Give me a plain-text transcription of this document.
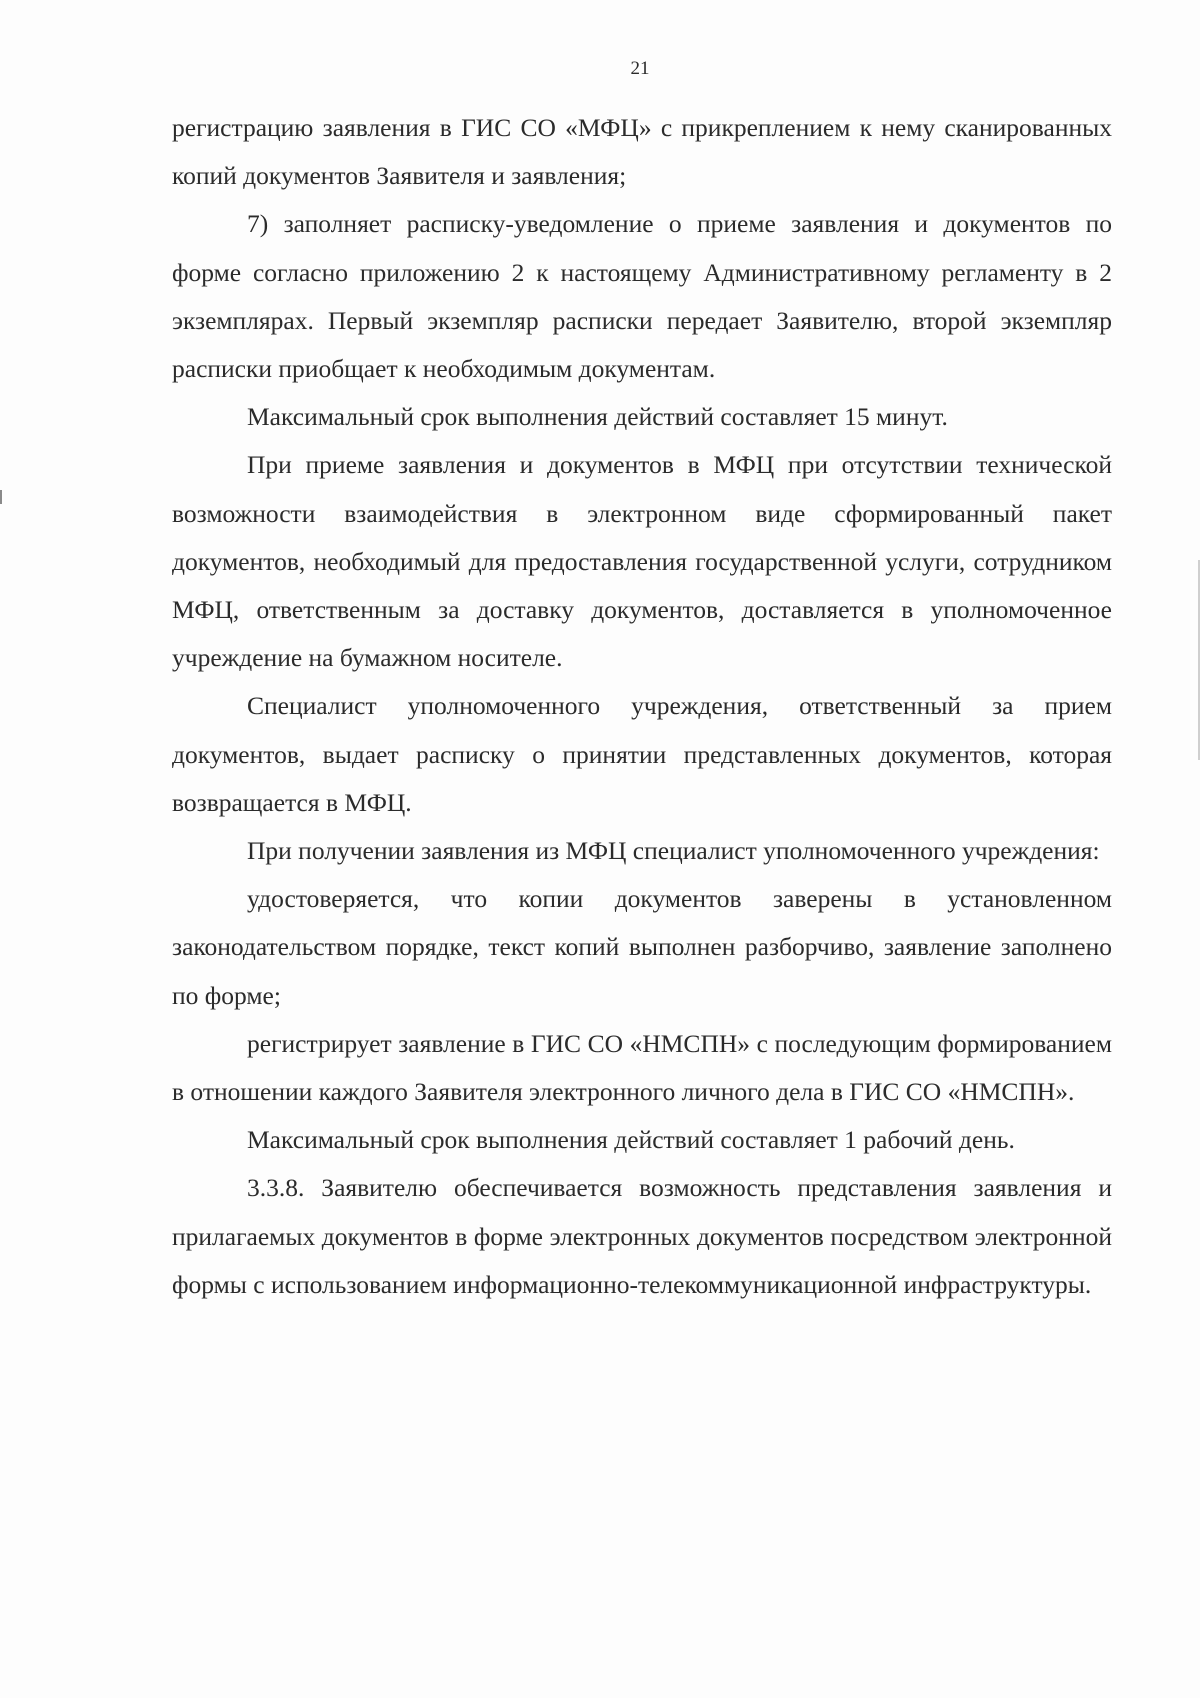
21

регистрацию заявления в ГИС СО «МФЦ» с прикреплением к нему сканированных копий документов Заявителя и заявления;

7) заполняет расписку-уведомление о приеме заявления и документов по форме согласно приложению 2 к настоящему Административному регламенту в 2 экземплярах. Первый экземпляр расписки передает Заявителю, второй экземпляр расписки приобщает к необходимым документам.

Максимальный срок выполнения действий составляет 15 минут.

При приеме заявления и документов в МФЦ при отсутствии технической возможности взаимодействия в электронном виде сформированный пакет документов, необходимый для предоставления государственной услуги, сотрудником МФЦ, ответственным за доставку документов, доставляется в уполномоченное учреждение на бумажном носителе.

Специалист уполномоченного учреждения, ответственный за прием документов, выдает расписку о принятии представленных документов, которая возвращается в МФЦ.

При получении заявления из МФЦ специалист уполномоченного учреждения:

удостоверяется, что копии документов заверены в установленном законодательством порядке, текст копий выполнен разборчиво, заявление заполнено по форме;

регистрирует заявление в ГИС СО «НМСПН» с последующим формированием в отношении каждого Заявителя электронного личного дела в ГИС СО «НМСПН».

Максимальный срок выполнения действий составляет 1 рабочий день.

3.3.8. Заявителю обеспечивается возможность представления заявления и прилагаемых документов в форме электронных документов посредством электронной формы с использованием информационно-телекоммуникационной инфраструктуры.
